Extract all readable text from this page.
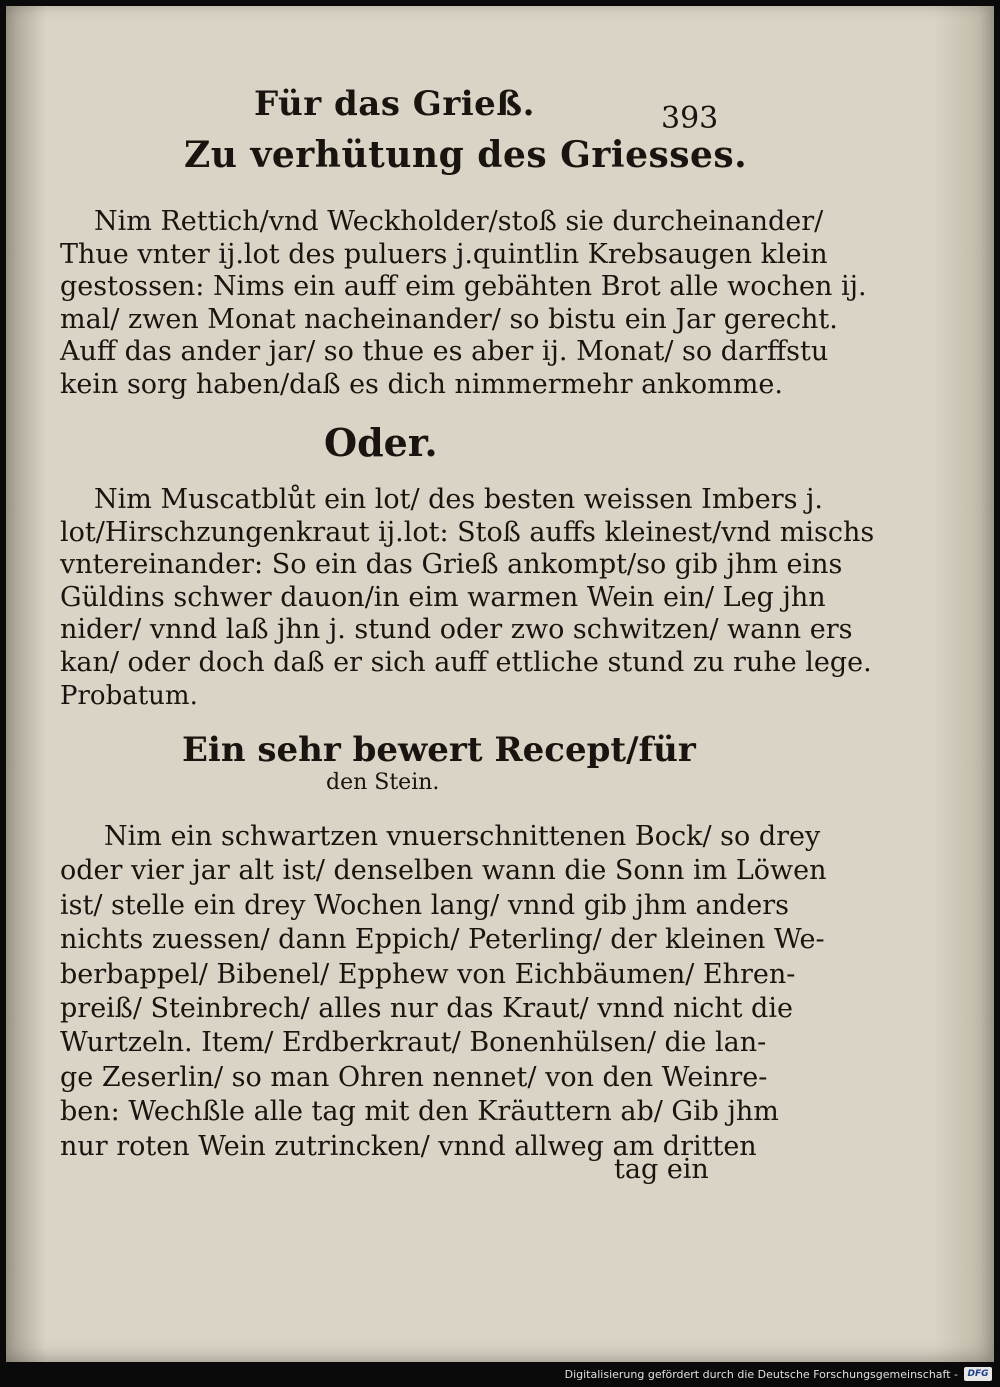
Für das Grieß.	393
Zu verhütung des Griesses.
Nim Rettich/vnd Weckholder/stoß sie durcheinander/
Thue vnter ij.lot des puluers j.quintlin Krebsaugen klein
gestossen: Nims ein auff eim gebähten Brot alle wochen ij.
mal/ zwen Monat nacheinander/ so bistu ein Jar gerecht.
Auff das ander jar/ so thue es aber ij. Monat/ so darffstu
kein sorg haben/daß es dich nimmermehr ankomme.
Oder.
Nim Muscatblůt ein lot/ des besten weissen Imbers j.
lot/Hirschzungenkraut ij.lot: Stoß auffs kleinest/vnd mischs
vntereinander: So ein das Grieß ankompt/so gib jhm eins
Güldins schwer dauon/in eim warmen Wein ein/ Leg jhn
nider/ vnnd laß jhn j. stund oder zwo schwitzen/ wann ers
kan/ oder doch daß er sich auff ettliche stund zu ruhe lege.
Probatum.
Ein sehr bewert Recept/für
den Stein.
Nim ein schwartzen vnuerschnittenen Bock/ so drey
oder vier jar alt ist/ denselben wann die Sonn im Löwen
ist/ stelle ein drey Wochen lang/ vnnd gib jhm anders
nichts zuessen/ dann Eppich/ Peterling/ der kleinen We-
berbappel/ Bibenel/ Epphew von Eichbäumen/ Ehren-
preiß/ Steinbrech/ alles nur das Kraut/ vnnd nicht die
Wurtzeln. Item/ Erdberkraut/ Bonenhülsen/ die lan-
ge Zeserlin/ so man Ohren nennet/ von den Weinre-
ben: Wechßle alle tag mit den Kräuttern ab/ Gib jhm
nur roten Wein zutrincken/ vnnd allweg am dritten
tag ein
Digitalisierung gefördert durch die Deutsche Forschungsgemeinschaft -	DFG
